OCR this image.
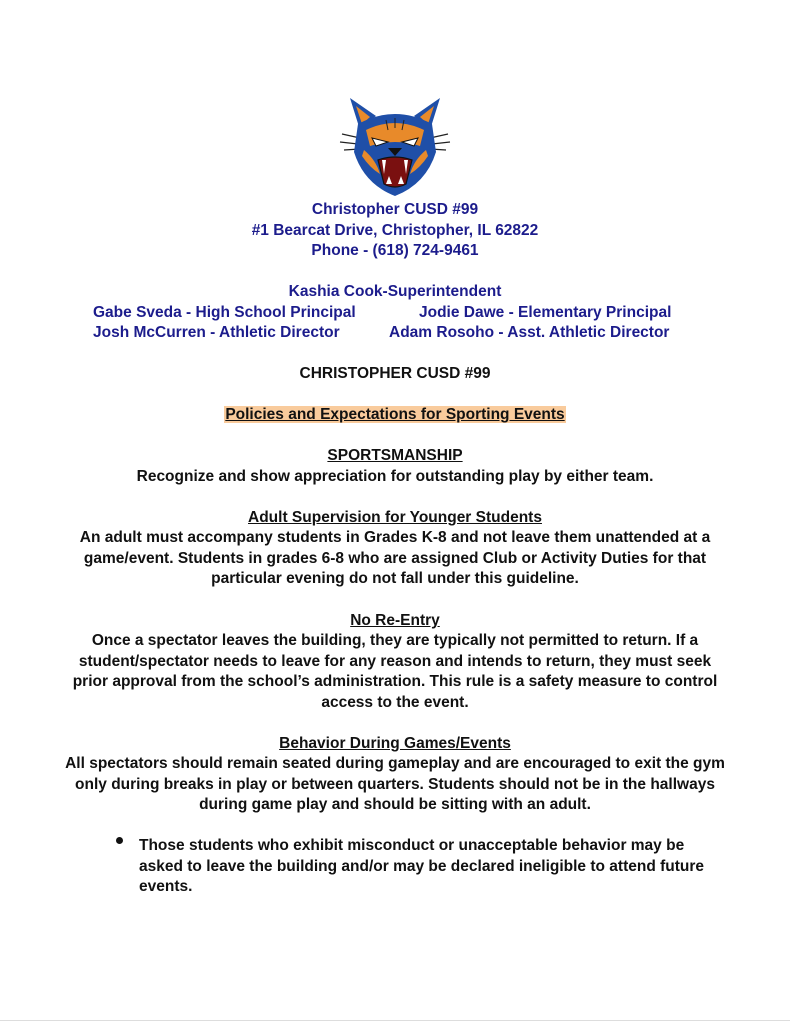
Christopher CUSD #99
#1 Bearcat Drive, Christopher, IL 62822
Phone - (618) 724-9461
Kashia Cook-Superintendent
Gabe Sveda - High School Principal	Jodie Dawe - Elementary Principal
Josh McCurren - Athletic Director	Adam Rosoho - Asst. Athletic Director
CHRISTOPHER CUSD #99
Policies and Expectations for Sporting Events
SPORTSMANSHIP
Recognize and show appreciation for outstanding play by either team.
Adult Supervision for Younger Students
An adult must accompany students in Grades K-8 and not leave them unattended at a game/event. Students in grades 6-8 who are assigned Club or Activity Duties for that particular evening do not fall under this guideline.
No Re-Entry
Once a spectator leaves the building, they are typically not permitted to return. If a student/spectator needs to leave for any reason and intends to return, they must seek prior approval from the school’s administration. This rule is a safety measure to control access to the event.
Behavior During Games/Events
All spectators should remain seated during gameplay and are encouraged to exit the gym only during breaks in play or between quarters. Students should not be in the hallways during game play and should be sitting with an adult.
Those students who exhibit misconduct or unacceptable behavior may be asked to leave the building and/or may be declared ineligible to attend future events.
